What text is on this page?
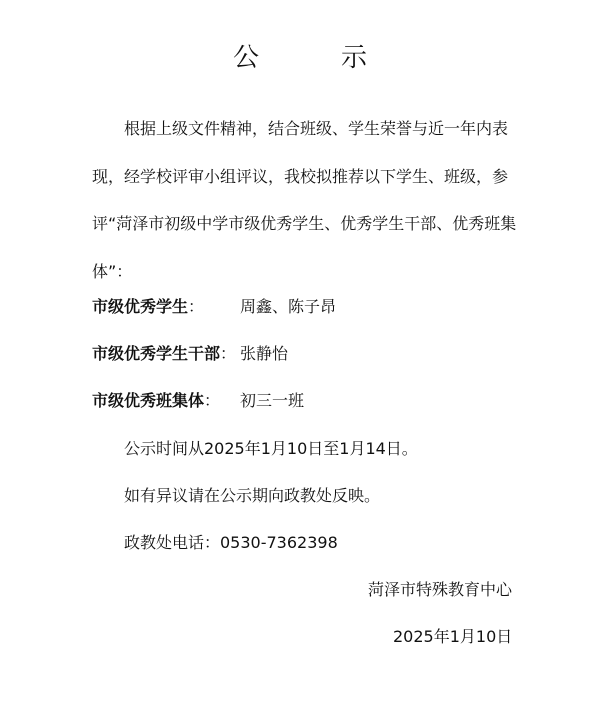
公　示
根据上级文件精神，结合班级、学生荣誉与近一年内表现，经学校评审小组评议，我校拟推荐以下学生、班级，参评“菏泽市初级中学市级优秀学生、优秀学生干部、优秀班集体”：
市级优秀学生： 周鑫、陈子昂
市级优秀学生干部： 张静怡
市级优秀班集体： 初三一班
公示时间从2025年1月10日至1月14日。
如有异议请在公示期向政教处反映。
政教处电话：0530-7362398
菏泽市特殊教育中心
2025年1月10日
